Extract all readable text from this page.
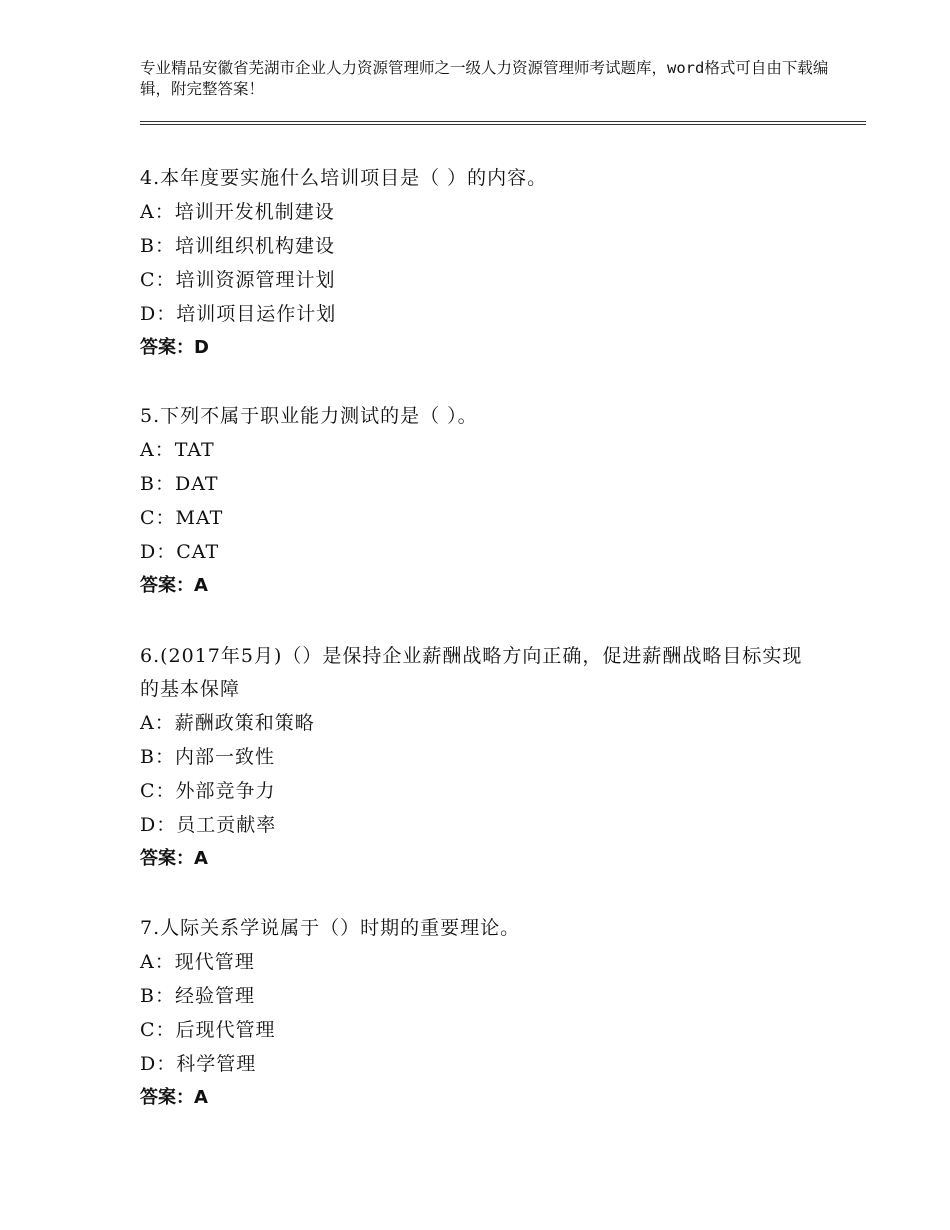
专业精品安徽省芜湖市企业人力资源管理师之一级人力资源管理师考试题库，word格式可自由下载编辑，附完整答案！

4.本年度要实施什么培训项目是（ ）的内容。

A：培训开发机制建设

B：培训组织机构建设

C：培训资源管理计划

D：培训项目运作计划

答案：D

5.下列不属于职业能力测试的是（ ）。

A：TAT

B：DAT

C：MAT

D：CAT

答案：A

6.(2017年5月)（）是保持企业薪酬战略方向正确，促进薪酬战略目标实现的基本保障

A：薪酬政策和策略

B：内部一致性

C：外部竞争力

D：员工贡献率

答案：A

7.人际关系学说属于（）时期的重要理论。

A：现代管理

B：经验管理

C：后现代管理

D：科学管理

答案：A
